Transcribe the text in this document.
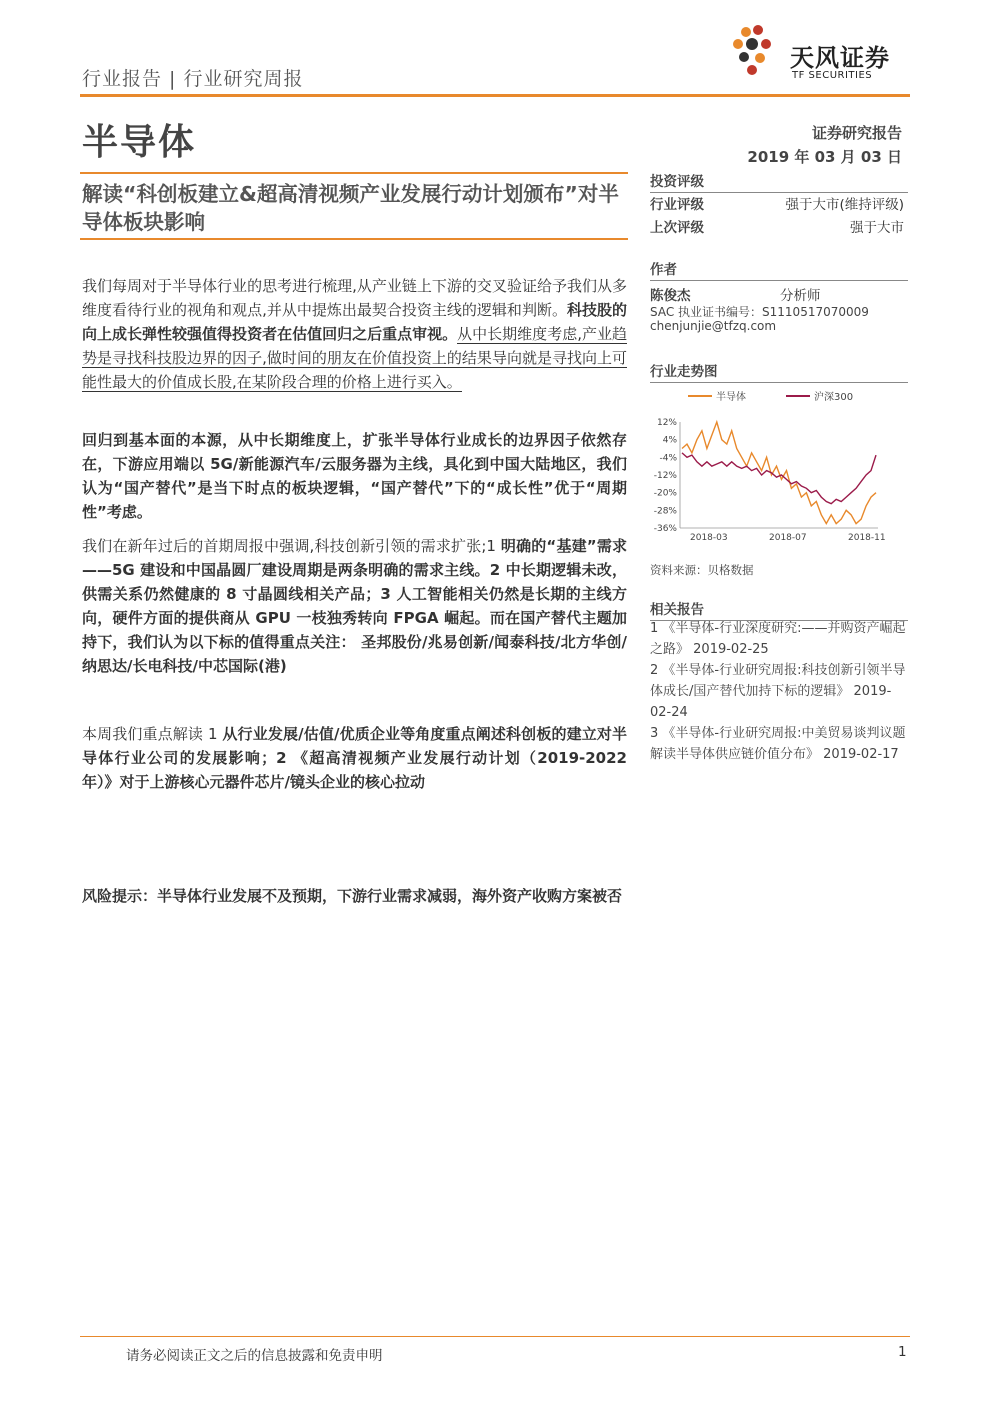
行业报告 | 行业研究周报
天风证券
TF SECURITIES
半导体	证券研究报告
2019 年 03 月 03 日
解读“科创板建立&超高清视频产业发展行动计划颁布”对半导体板块影响
我们每周对于半导体行业的思考进行梳理,从产业链上下游的交叉验证给予我们从多维度看待行业的视角和观点,并从中提炼出最契合投资主线的逻辑和判断。科技股的向上成长弹性较强值得投资者在估值回归之后重点审视。从中长期维度考虑,产业趋势是寻找科技股边界的因子,做时间的朋友在价值投资上的结果导向就是寻找向上可能性最大的价值成长股,在某阶段合理的价格上进行买入。
回归到基本面的本源，从中长期维度上，扩张半导体行业成长的边界因子依然存在，下游应用端以 5G/新能源汽车/云服务器为主线，具化到中国大陆地区，我们认为“国产替代”是当下时点的板块逻辑，“国产替代”下的“成长性”优于“周期性”考虑。
我们在新年过后的首期周报中强调,科技创新引领的需求扩张;1 明确的“基建”需求——5G 建设和中国晶圆厂建设周期是两条明确的需求主线。2 中长期逻辑未改，供需关系仍然健康的 8 寸晶圆线相关产品；3 人工智能相关仍然是长期的主线方向，硬件方面的提供商从 GPU 一枝独秀转向 FPGA 崛起。而在国产替代主题加持下，我们认为以下标的值得重点关注： 圣邦股份/兆易创新/闻泰科技/北方华创/纳思达/长电科技/中芯国际(港)
本周我们重点解读 1 从行业发展/估值/优质企业等角度重点阐述科创板的建立对半导体行业公司的发展影响；2 《超高清视频产业发展行动计划（2019-2022 年）》对于上游核心元器件芯片/镜头企业的核心拉动
风险提示：半导体行业发展不及预期，下游行业需求减弱，海外资产收购方案被否
投资评级
行业评级	强于大市(维持评级)
上次评级	强于大市
作者
陈俊杰	分析师
SAC 执业证书编号：S1110517070009
chenjunjie@tfzq.com
行业走势图
半导体	沪深300
12%
4%
-4%
-12%
-20%
-28%
-36%
2018-03	2018-07	2018-11
资料来源：贝格数据
相关报告
1 《半导体-行业深度研究:——并购资产崛起之路》 2019-02-25
2 《半导体-行业研究周报:科技创新引领半导体成长/国产替代加持下标的逻辑》 2019-02-24
3 《半导体-行业研究周报:中美贸易谈判议题解读半导体供应链价值分布》 2019-02-17
请务必阅读正文之后的信息披露和免责申明	1
